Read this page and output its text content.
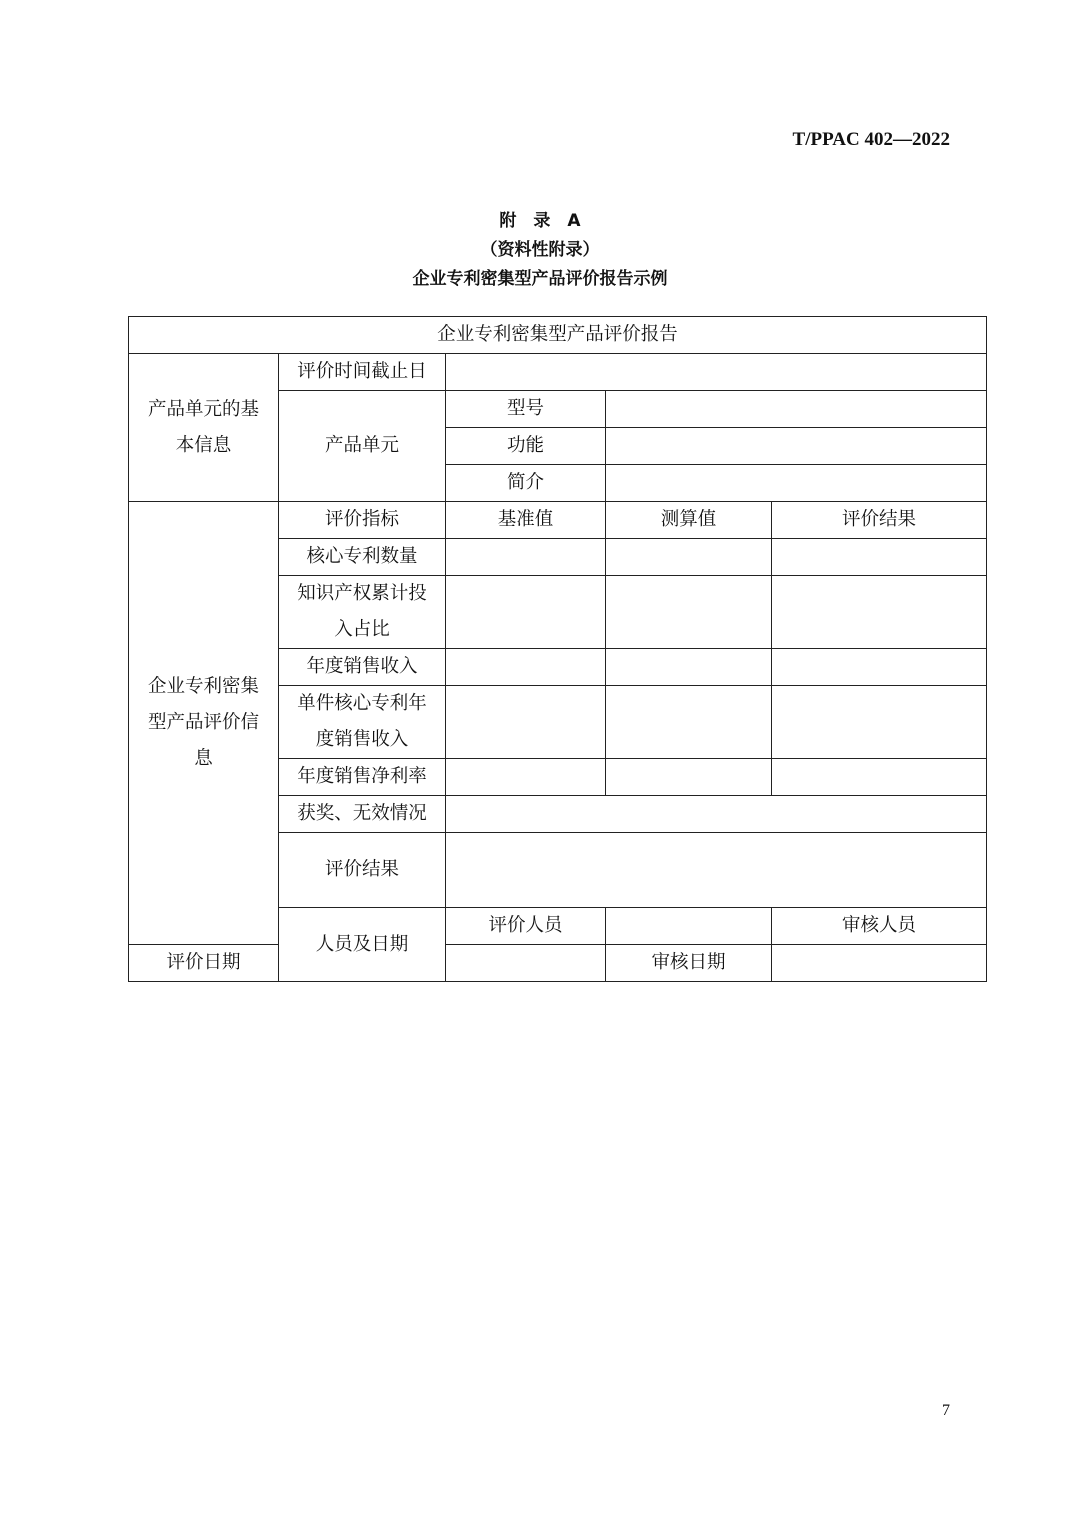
T/PPAC 402—2022
附　录　A
（资料性附录）
企业专利密集型产品评价报告示例
企业专利密集型产品评价报告					
产品单元的基本信息	评价时间截止日				
	产品单元	型号			
		功能			
		简介			
企业专利密集型产品评价信息	评价指标	基准值	测算值	评价结果	
	核心专利数量				
	知识产权累计投入占比				
	年度销售收入				
	单件核心专利年度销售收入				
	年度销售净利率				
	获奖、无效情况				
	评价结果				
	人员及日期	评价人员		审核人员	
评价日期			审核日期		
7
